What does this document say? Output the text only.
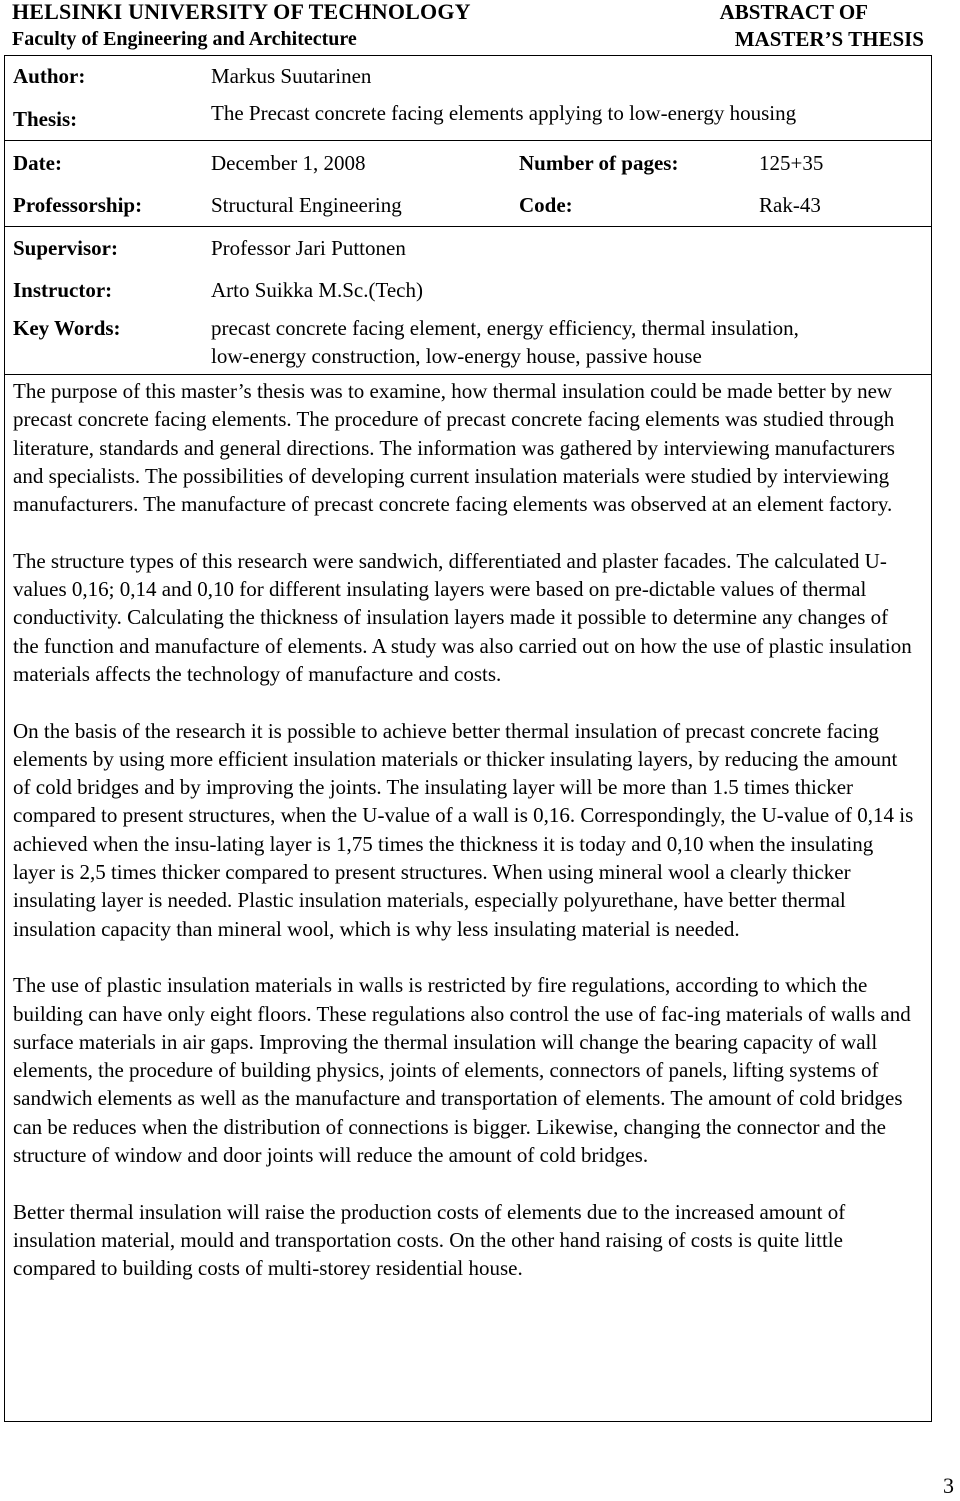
HELSINKI UNIVERSITY OF TECHNOLOGY
Faculty of Engineering and Architecture
ABSTRACT OF
MASTER’S THESIS
Author:	Markus Suutarinen
Thesis:	The Precast concrete facing elements applying to low-energy housing
Date:	December 1, 2008	Number of pages:	125+35
Professorship:	Structural Engineering	Code:	Rak-43
Supervisor:	Professor Jari Puttonen
Instructor:	Arto Suikka M.Sc.(Tech)
Key Words:	precast concrete facing element, energy efficiency, thermal insulation,
low-energy construction, low-energy house, passive house

The purpose of this master’s thesis was to examine, how thermal insulation could be made better by new precast concrete facing elements. The procedure of precast concrete facing elements was studied through literature, standards and general directions. The information was gathered by interviewing manufacturers and specialists. The possibilities of developing current insulation materials were studied by interviewing manufacturers. The manufacture of precast concrete facing elements was observed at an element factory.

The structure types of this research were sandwich, differentiated and plaster facades. The calculated U-values 0,16; 0,14 and 0,10 for different insulating layers were based on pre-dictable values of thermal conductivity. Calculating the thickness of insulation layers made it possible to determine any changes of the function and manufacture of elements. A study was also carried out on how the use of plastic insulation materials affects the technology of manufacture and costs.

On the basis of the research it is possible to achieve better thermal insulation of precast concrete facing elements by using more efficient insulation materials or thicker insulating layers, by reducing the amount of cold bridges and by improving the joints. The insulating layer will be more than 1.5 times thicker compared to present structures, when the U-value of a wall is 0,16. Correspondingly, the U-value of 0,14 is achieved when the insu-lating layer is 1,75 times the thickness it is today and 0,10 when the insulating layer is 2,5 times thicker compared to present structures. When using mineral wool a clearly thicker insulating layer is needed. Plastic insulation materials, especially polyurethane, have better thermal insulation capacity than mineral wool, which is why less insulating material is needed.

The use of plastic insulation materials in walls is restricted by fire regulations, according to which the building can have only eight floors. These regulations also control the use of fac-ing materials of walls and surface materials in air gaps. Improving the thermal insulation will change the bearing capacity of wall elements, the procedure of building physics, joints of elements, connectors of panels, lifting systems of sandwich elements as well as the manufacture and transportation of elements. The amount of cold bridges can be reduces when the distribution of connections is bigger. Likewise, changing the connector and the structure of window and door joints will reduce the amount of cold bridges.

Better thermal insulation will raise the production costs of elements due to the increased amount of insulation material, mould and transportation costs. On the other hand raising of costs is quite little compared to building costs of multi-storey residential house.

3
